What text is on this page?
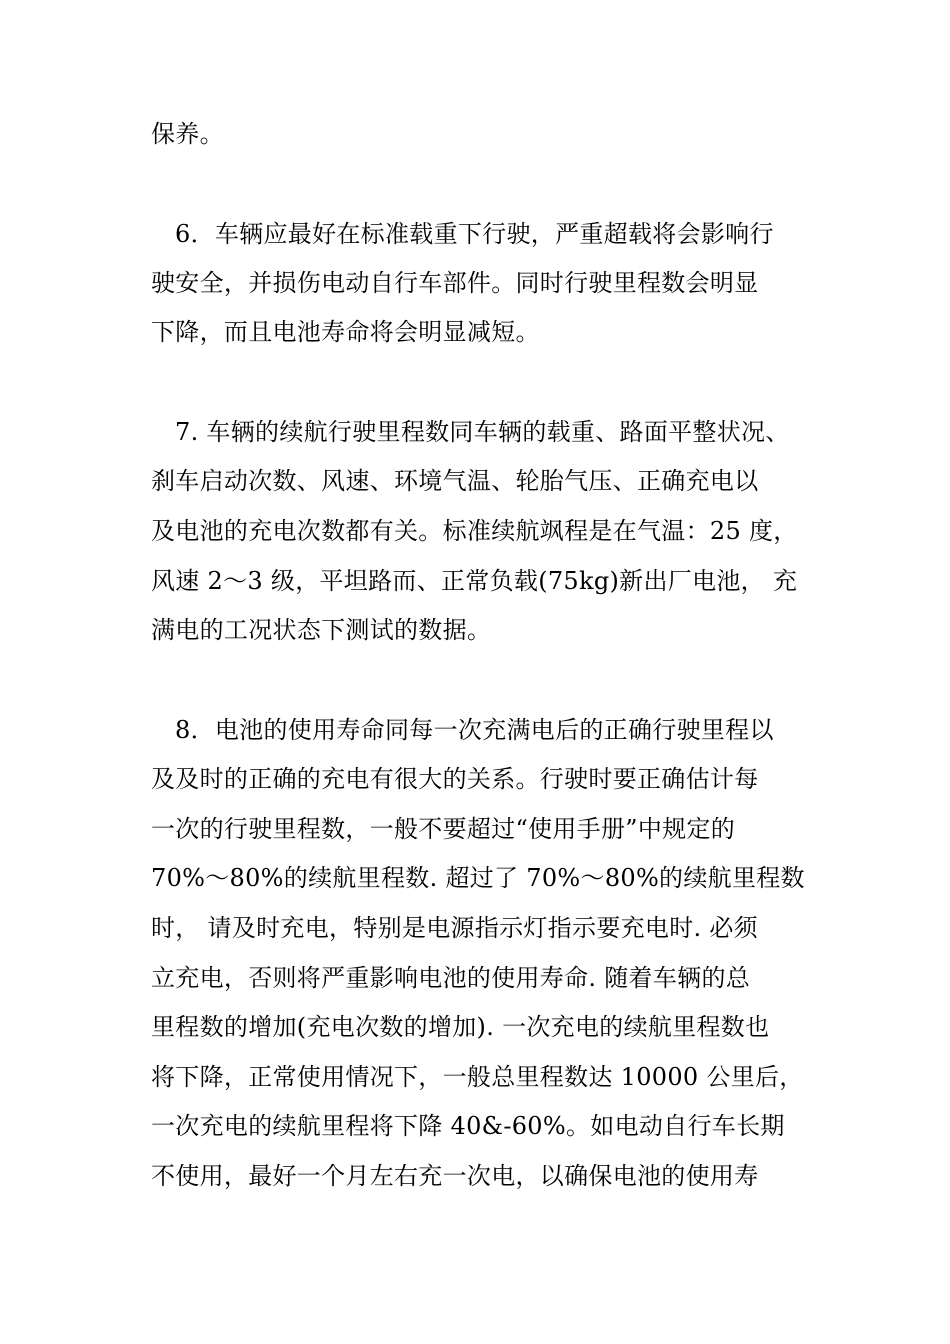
保养。
6．车辆应最好在标准载重下行驶，严重超载将会影响行
驶安全，并损伤电动自行车部件。同时行驶里程数会明显
下降，而且电池寿命将会明显减短。
7. 车辆的续航行驶里程数同车辆的载重、路面平整状况、
刹车启动次数、风速、环境气温、轮胎气压、正确充电以
及电池的充电次数都有关。标准续航飒程是在气温：25 度，
风速 2～3 级，平坦路而、正常负载(75kg)新出厂电池， 充
满电的工况状态下测试的数据。
8．电池的使用寿命同每一次充满电后的正确行驶里程以
及及时的正确的充电有很大的关系。行驶时要正确估计每
一次的行驶里程数，一般不要超过“使用手册”中规定的
70%～80%的续航里程数. 超过了 70%～80%的续航里程数
时， 请及时充电，特别是电源指示灯指示要充电时. 必须
立充电，否则将严重影响电池的使用寿命. 随着车辆的总
里程数的增加(充电次数的增加). 一次充电的续航里程数也
将下降，正常使用情况下，一般总里程数达 10000 公里后，
一次充电的续航里程将下降 40&-60%。如电动自行车长期
不使用，最好一个月左右充一次电，以确保电池的使用寿
